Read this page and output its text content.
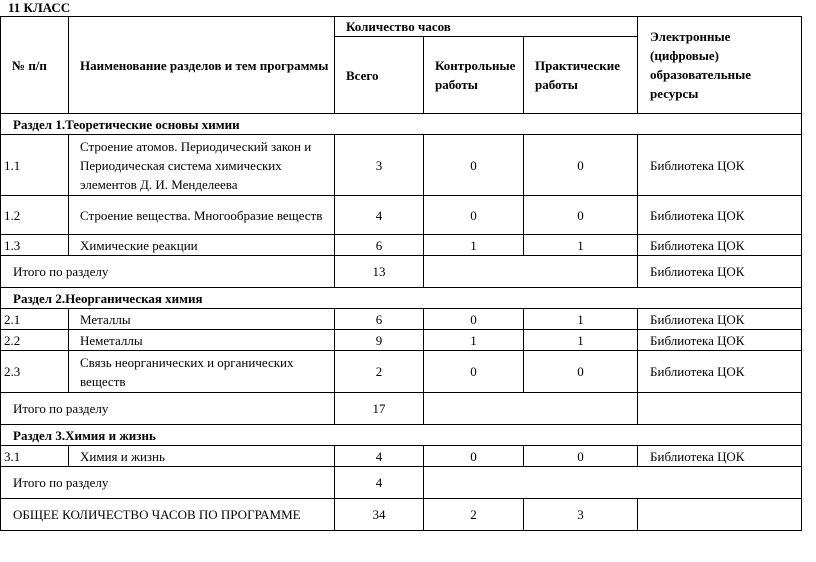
11 КЛАСС
№ п/п	Наименование разделов и тем программы	Количество часов			Электронные (цифровые) образовательные ресурсы
		Всего	Контрольные работы	Практические работы	
Раздел 1.Теоретические основы химии					
1.1	Строение атомов. Периодический закон и Периодическая система химических элементов Д. И. Менделеева	3	0	0	Библиотека ЦОК
1.2	Строение вещества. Многообразие веществ	4	0	0	Библиотека ЦОК
1.3	Химические реакции	6	1	1	Библиотека ЦОК
Итого по разделу		13			Библиотека ЦОК
Раздел 2.Неорганическая химия					
2.1	Металлы	6	0	1	Библиотека ЦОК
2.2	Неметаллы	9	1	1	Библиотека ЦОК
2.3	Связь неорганических и органических веществ	2	0	0	Библиотека ЦОК
Итого по разделу		17			
Раздел 3.Химия и жизнь					
3.1	Химия и жизнь	4	0	0	Библиотека ЦОК
Итого по разделу		4			
ОБЩЕЕ КОЛИЧЕСТВО ЧАСОВ ПО ПРОГРАММЕ		34	2	3	
